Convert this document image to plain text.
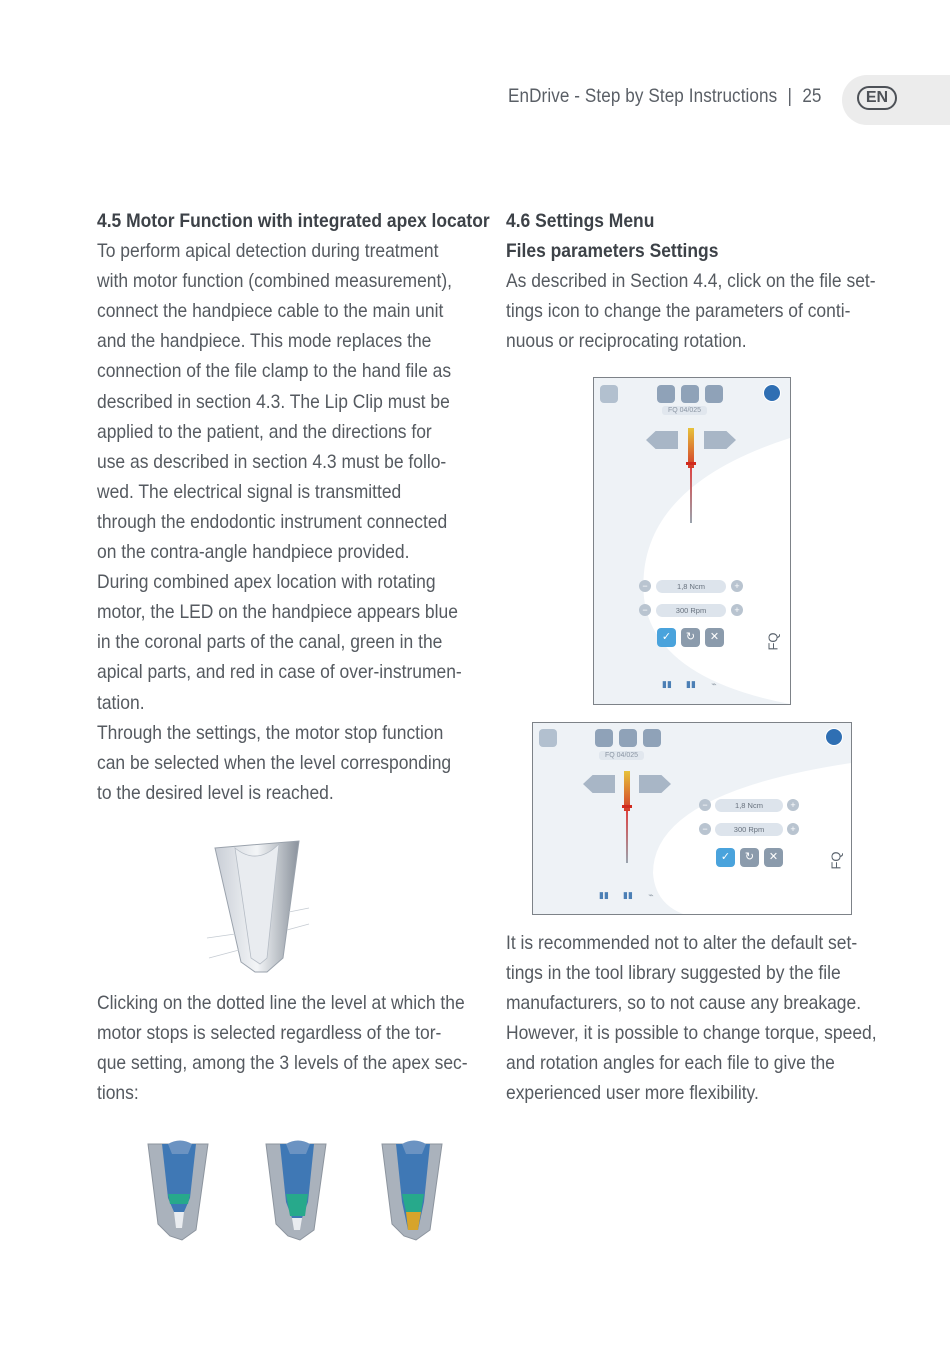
EnDrive - Step by Step Instructions | 25	EN

4.5 Motor Function with integrated apex locator

To perform apical detection during treatment

with motor function (combined measurement),

connect the handpiece cable to the main unit

and the handpiece. This mode replaces the

connection of the file clamp to the hand file as

described in section 4.3. The Lip Clip must be

applied to the patient, and the directions for

use as described in section 4.3 must be follo-

wed. The electrical signal is transmitted

through the endodontic instrument connected

on the contra-angle handpiece provided.

During combined apex location with rotating

motor, the LED on the handpiece appears blue

in the coronal parts of the canal, green in the

apical parts, and red in case of over-instrumen-

tation.

Through the settings, the motor stop function

can be selected when the level corresponding

to the desired level is reached.

Clicking on the dotted line the level at which the

motor stops is selected regardless of the tor-

que setting, among the 3 levels of the apex sec-

tions:

4.6 Settings Menu

Files parameters Settings

As described in Section 4.4, click on the file set-

tings icon to change the parameters of conti-

nuous or reciprocating rotation.

FQ 04/025
−	1,8 Ncm	+
−	300 Rpm	+
✓	↻	✕	FQ
▮▮ ▮▮	⌁
FQ 04/025
−	1,8 Ncm	+
−	300 Rpm	+
✓	↻	✕	FQ
▮▮ ▮▮	⌁

It is recommended not to alter the default set-

tings in the tool library suggested by the file

manufacturers, so to not cause any breakage.

However, it is possible to change torque, speed,

and rotation angles for each file to give the

experienced user more flexibility.
